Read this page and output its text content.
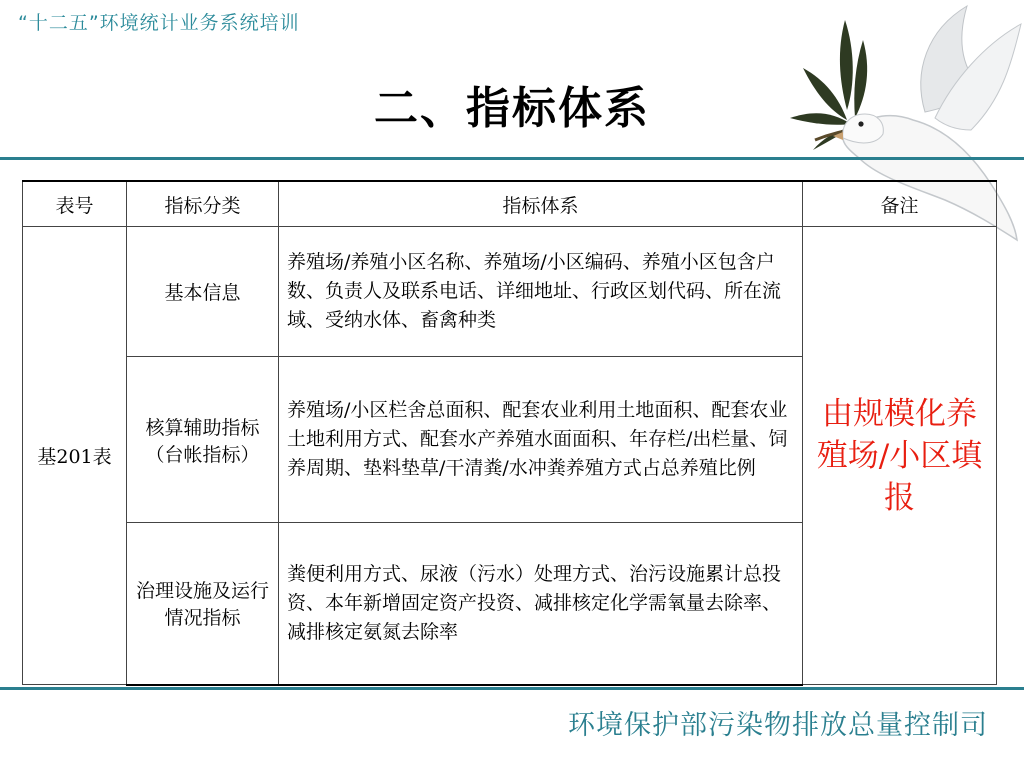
“十二五”环境统计业务系统培训
二、指标体系
表号	指标分类	指标体系	备注
基201表	基本信息	养殖场/养殖小区名称、养殖场/小区编码、养殖小区包含户数、负责人及联系电话、详细地址、行政区划代码、所在流域、受纳水体、畜禽种类	由规模化养殖场/小区填报
	核算辅助指标（台帐指标）	养殖场/小区栏舍总面积、配套农业利用土地面积、配套农业土地利用方式、配套水产养殖水面面积、年存栏/出栏量、饲养周期、垫料垫草/干清粪/水冲粪养殖方式占总养殖比例	
	治理设施及运行情况指标	粪便利用方式、尿液（污水）处理方式、治污设施累计总投资、本年新增固定资产投资、减排核定化学需氧量去除率、减排核定氨氮去除率	
环境保护部污染物排放总量控制司
